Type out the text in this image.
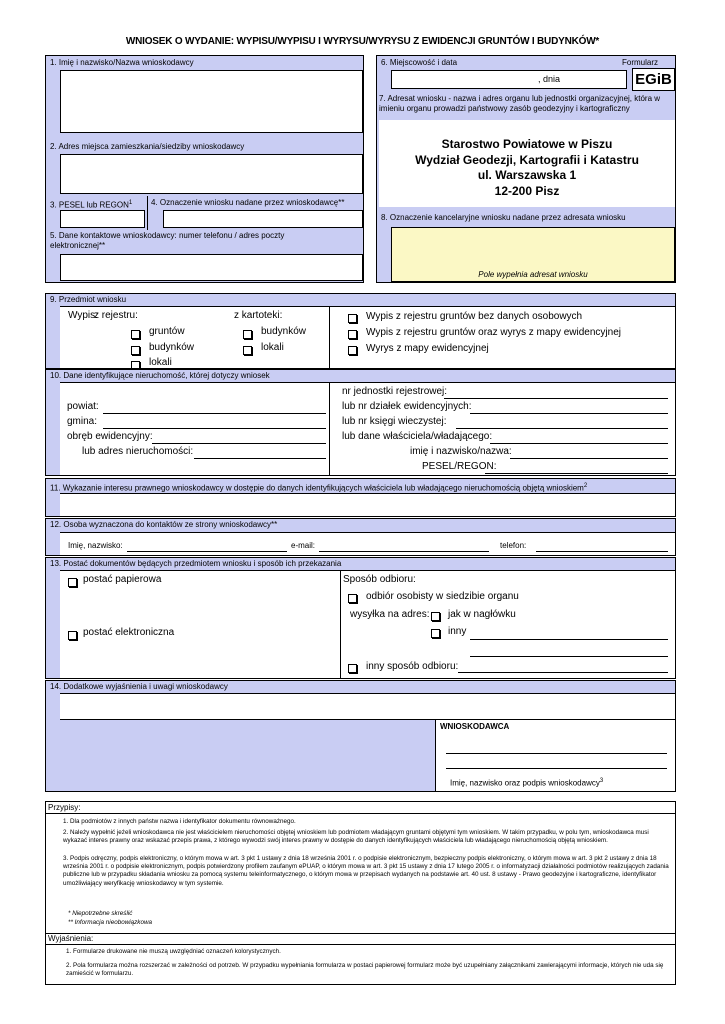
WNIOSEK O WYDANIE: WYPISU/WYPISU I WYRYSU/WYRYSU Z EWIDENCJI GRUNTÓW I BUDYNKÓW*
1. Imię i nazwisko/Nazwa wnioskodawcy
2. Adres miejsca zamieszkania/siedziby wnioskodawcy
3. PESEL lub REGON$^1$ 4. Oznaczenie wniosku nadane przez wnioskodawcę**
5. Dane kontaktowe wnioskodawcy: numer telefonu / adres poczty elektronicznej**
6. Miejscowość i data	Formularz
, dnia	EGiB
7. Adresat wniosku - nazwa i adres organu lub jednostki organizacyjnej, która w imieniu organu prowadzi państwowy zasób geodezyjny i kartograficzny
Starostwo Powiatowe w Piszu
Wydział Geodezji, Kartografii i Katastru
ul. Warszawska 1
12-200 Pisz
8. Oznaczenie kancelaryjne wniosku nadane przez adresata wniosku
Pole wypełnia adresat wniosku
9. Przedmiot wniosku
Wypis:
z rejestru:	z kartoteki:
gruntów
budynków
lokali
budynków
lokali
Wypis z rejestru gruntów bez danych osobowych
Wypis z rejestru gruntów oraz wyrys z mapy ewidencyjnej
Wyrys z mapy ewidencyjnej
10. Dane identyfikujące nieruchomość, której dotyczy wniosek
powiat:
gmina:
obręb ewidencyjny:
lub adres nieruchomości:
nr jednostki rejestrowej:
lub nr działek ewidencyjnych:
lub nr księgi wieczystej:
lub dane właściciela/władającego:
imię i nazwisko/nazwa:
PESEL/REGON:
11. Wykazanie interesu prawnego wnioskodawcy w dostępie do danych identyfikujących właściciela lub władającego nieruchomością objętą wnioskiem$^2$
12. Osoba wyznaczona do kontaktów ze strony wnioskodawcy**
Imię, nazwisko:	e-mail:	telefon:
13. Postać dokumentów będących przedmiotem wniosku i sposób ich przekazania
postać papierowa
postać elektroniczna
Sposób odbioru:
odbiór osobisty w siedzibie organu
wysyłka na adres: jak w nagłówku
inny
inny sposób odbioru:
14. Dodatkowe wyjaśnienia i uwagi wnioskodawcy
WNIOSKODAWCA
Imię, nazwisko oraz podpis wnioskodawcy$^3$
Przypisy:
1. Dla podmiotów z innych państw nazwa i identyfikator dokumentu równoważnego.
2. Należy wypełnić jeżeli wnioskodawca nie jest właścicielem nieruchomości objętej wnioskiem lub podmiotem władającym gruntami objętymi tym wnioskiem. W takim przypadku, w polu tym, wnioskodawca musi wykazać interes prawny oraz wskazać przepis prawa, z którego wywodzi swój interes prawny w dostępie do danych identyfikujących właściciela lub władającego nieruchomością objętą wnioskiem.
3. Podpis odręczny, podpis elektroniczny, o którym mowa w art. 3 pkt 1 ustawy z dnia 18 września 2001 r. o podpisie elektronicznym, bezpieczny podpis elektroniczny, o którym mowa w art. 3 pkt 2 ustawy z dnia 18 września 2001 r. o podpisie elektronicznym, podpis potwierdzony profilem zaufanym ePUAP, o którym mowa w art. 3 pkt 15 ustawy z dnia 17 lutego 2005 r. o informatyzacji działalności podmiotów realizujących zadania publiczne lub w przypadku składania wniosku za pomocą systemu teleinformatycznego, o którym mowa w przepisach wydanych na podstawie art. 40 ust. 8 ustawy - Prawo geodezyjne i kartograficzne, identyfikator umożliwiający weryfikację wnioskodawcy w tym systemie.
* Niepotrzebne skreślić
** Informacja nieobowiązkowa
Wyjaśnienia:
1. Formularze drukowane nie muszą uwzględniać oznaczeń kolorystycznych.
2. Pola formularza można rozszerzać w zależności od potrzeb. W przypadku wypełniania formularza w postaci papierowej formularz może być uzupełniany załącznikami zawierającymi informacje, których nie uda się zamieścić w formularzu.
